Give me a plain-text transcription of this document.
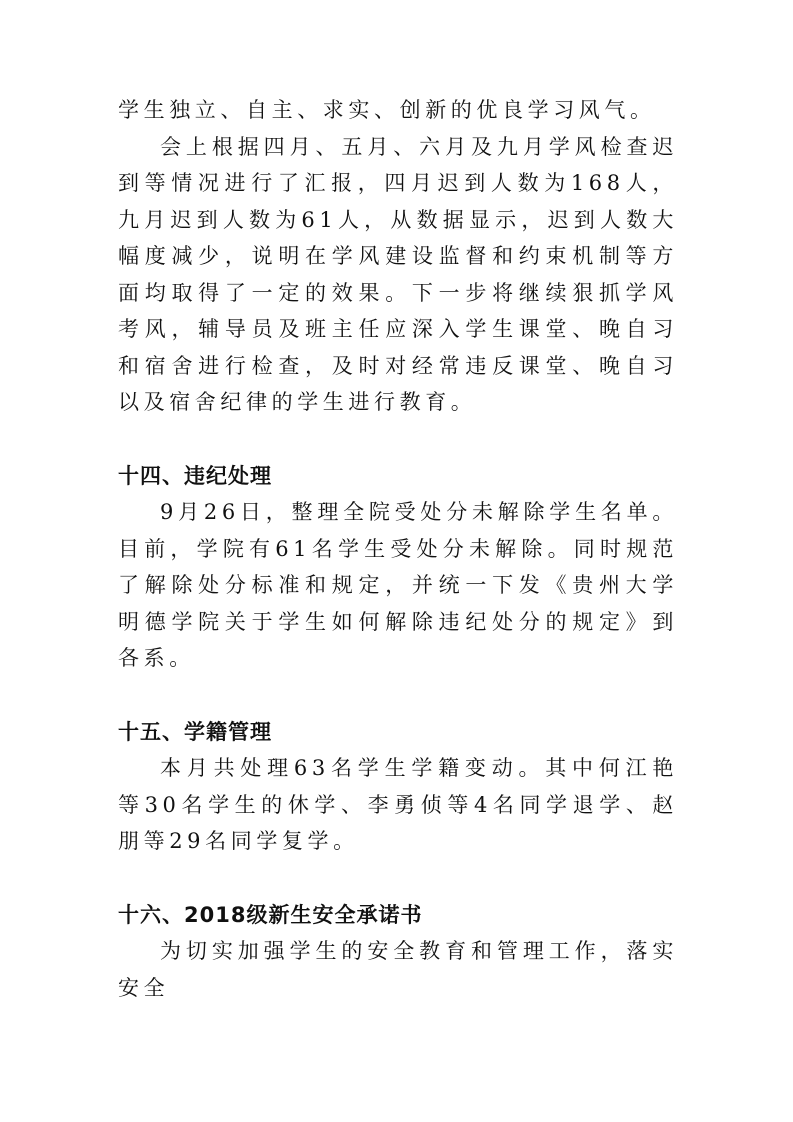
学生独立、自主、求实、创新的优良学习风气。

会上根据四月、五月、六月及九月学风检查迟到等情况进行了汇报，四月迟到人数为168人，九月迟到人数为61人，从数据显示，迟到人数大幅度减少，说明在学风建设监督和约束机制等方面均取得了一定的效果。下一步将继续狠抓学风考风，辅导员及班主任应深入学生课堂、晚自习和宿舍进行检查，及时对经常违反课堂、晚自习以及宿舍纪律的学生进行教育。

十四、违纪处理

9月26日，整理全院受处分未解除学生名单。目前，学院有61名学生受处分未解除。同时规范了解除处分标准和规定，并统一下发《贵州大学明德学院关于学生如何解除违纪处分的规定》到各系。

十五、学籍管理

本月共处理63名学生学籍变动。其中何江艳等30名学生的休学、李勇侦等4名同学退学、赵朋等29名同学复学。

十六、2018级新生安全承诺书

为切实加强学生的安全教育和管理工作，落实安全
